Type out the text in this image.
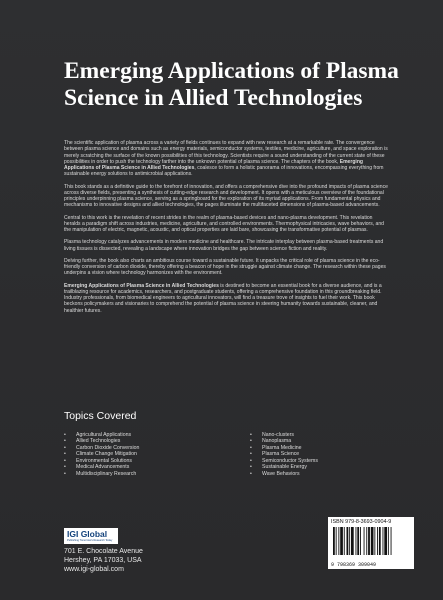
Emerging Applications of Plasma Science in Allied Technologies

The scientific application of plasma across a variety of fields continues to expand with new research at a remarkable rate. The convergence between plasma science and domains such as energy materials, semiconductor systems, textiles, medicine, agriculture, and space exploration is merely scratching the surface of the known possibilities of this technology. Scientists require a sound understanding of the current state of these possibilities in order to push the technology farther into the unknown potential of plasma science. The chapters of the book, Emerging Applications of Plasma Science in Allied Technologies, coalesce to form a holistic panorama of innovations, encompassing everything from sustainable energy solutions to antimicrobial applications.

This book stands as a definitive guide to the forefront of innovation, and offers a comprehensive dive into the profound impacts of plasma science across diverse fields, presenting a synthesis of cutting-edge research and development. It opens with a meticulous overview of the foundational principles underpinning plasma science, serving as a springboard for the exploration of its myriad applications. From fundamental physics and mechanisms to innovative designs and allied technologies, the pages illuminate the multifaceted dimensions of plasma-based advancements.

Central to this work is the revelation of recent strides in the realm of plasma-based devices and nano-plasma development. This revelation heralds a paradigm shift across industries, medicine, agriculture, and controlled environments. Thermophysical intricacies, wave behaviors, and the manipulation of electric, magnetic, acoustic, and optical properties are laid bare, showcasing the transformative potential of plasmas.

Plasma technology catalyzes advancements in modern medicine and healthcare. The intricate interplay between plasma-based treatments and living tissues is dissected, revealing a landscape where innovation bridges the gap between science fiction and reality.

Delving further, the book also charts an ambitious course toward a sustainable future. It unpacks the critical role of plasma science in the eco-friendly conversion of carbon dioxide, thereby offering a beacon of hope in the struggle against climate change. The research within these pages underpins a vision where technology harmonizes with the environment.

Emerging Applications of Plasma Science in Allied Technologies is destined to become an essential book for a diverse audience, and is a trailblazing resource for academics, researchers, and postgraduate students, offering a comprehensive foundation in this groundbreaking field. Industry professionals, from biomedical engineers to agricultural innovators, will find a treasure trove of insights to fuel their work. This book beckons policymakers and visionaries to comprehend the potential of plasma science in steering humanity towards sustainable, cleaner, and healthier futures.

Topics Covered
• Agricultural Applications
• Allied Technologies
• Carbon Dioxide Conversion
• Climate Change Mitigation
• Environmental Solutions
• Medical Advancements
• Multidisciplinary Research
• Nano-clusters
• Nanoplasma
• Plasma Medicine
• Plasma Science
• Semiconductor Systems
• Sustainable Energy
• Wave Behaviors
IGI Global
Publishing Tomorrow's Research Today
701 E. Chocolate Avenue
Hershey, PA 17033, USA
www.igi-global.com
ISBN 979-8-3693-0904-9
9 798369 309049
